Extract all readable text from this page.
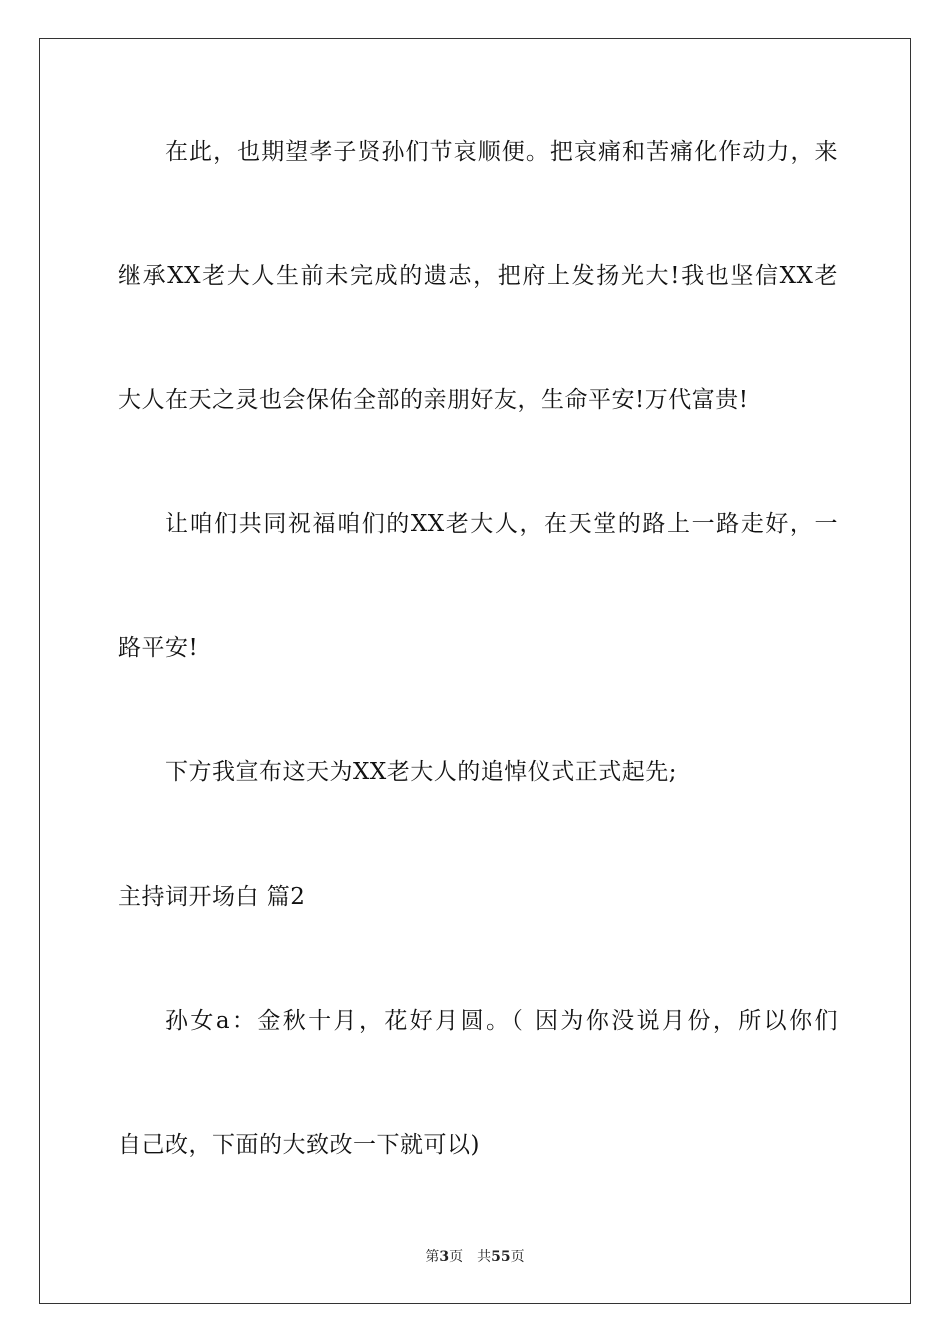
在此，也期望孝子贤孙们节哀顺便。把哀痛和苦痛化作动力，来
继承XX老大人生前未完成的遗志，把府上发扬光大!我也坚信XX老
大人在天之灵也会保佑全部的亲朋好友，生命平安!万代富贵!
让咱们共同祝福咱们的XX老大人，在天堂的路上一路走好，一
路平安!
下方我宣布这天为XX老大人的追悼仪式正式起先;
主持词开场白 篇2
孙女a：金秋十月，花好月圆。（ 因为你没说月份，所以你们
自己改，下面的大致改一下就可以)
第3页 共55页
